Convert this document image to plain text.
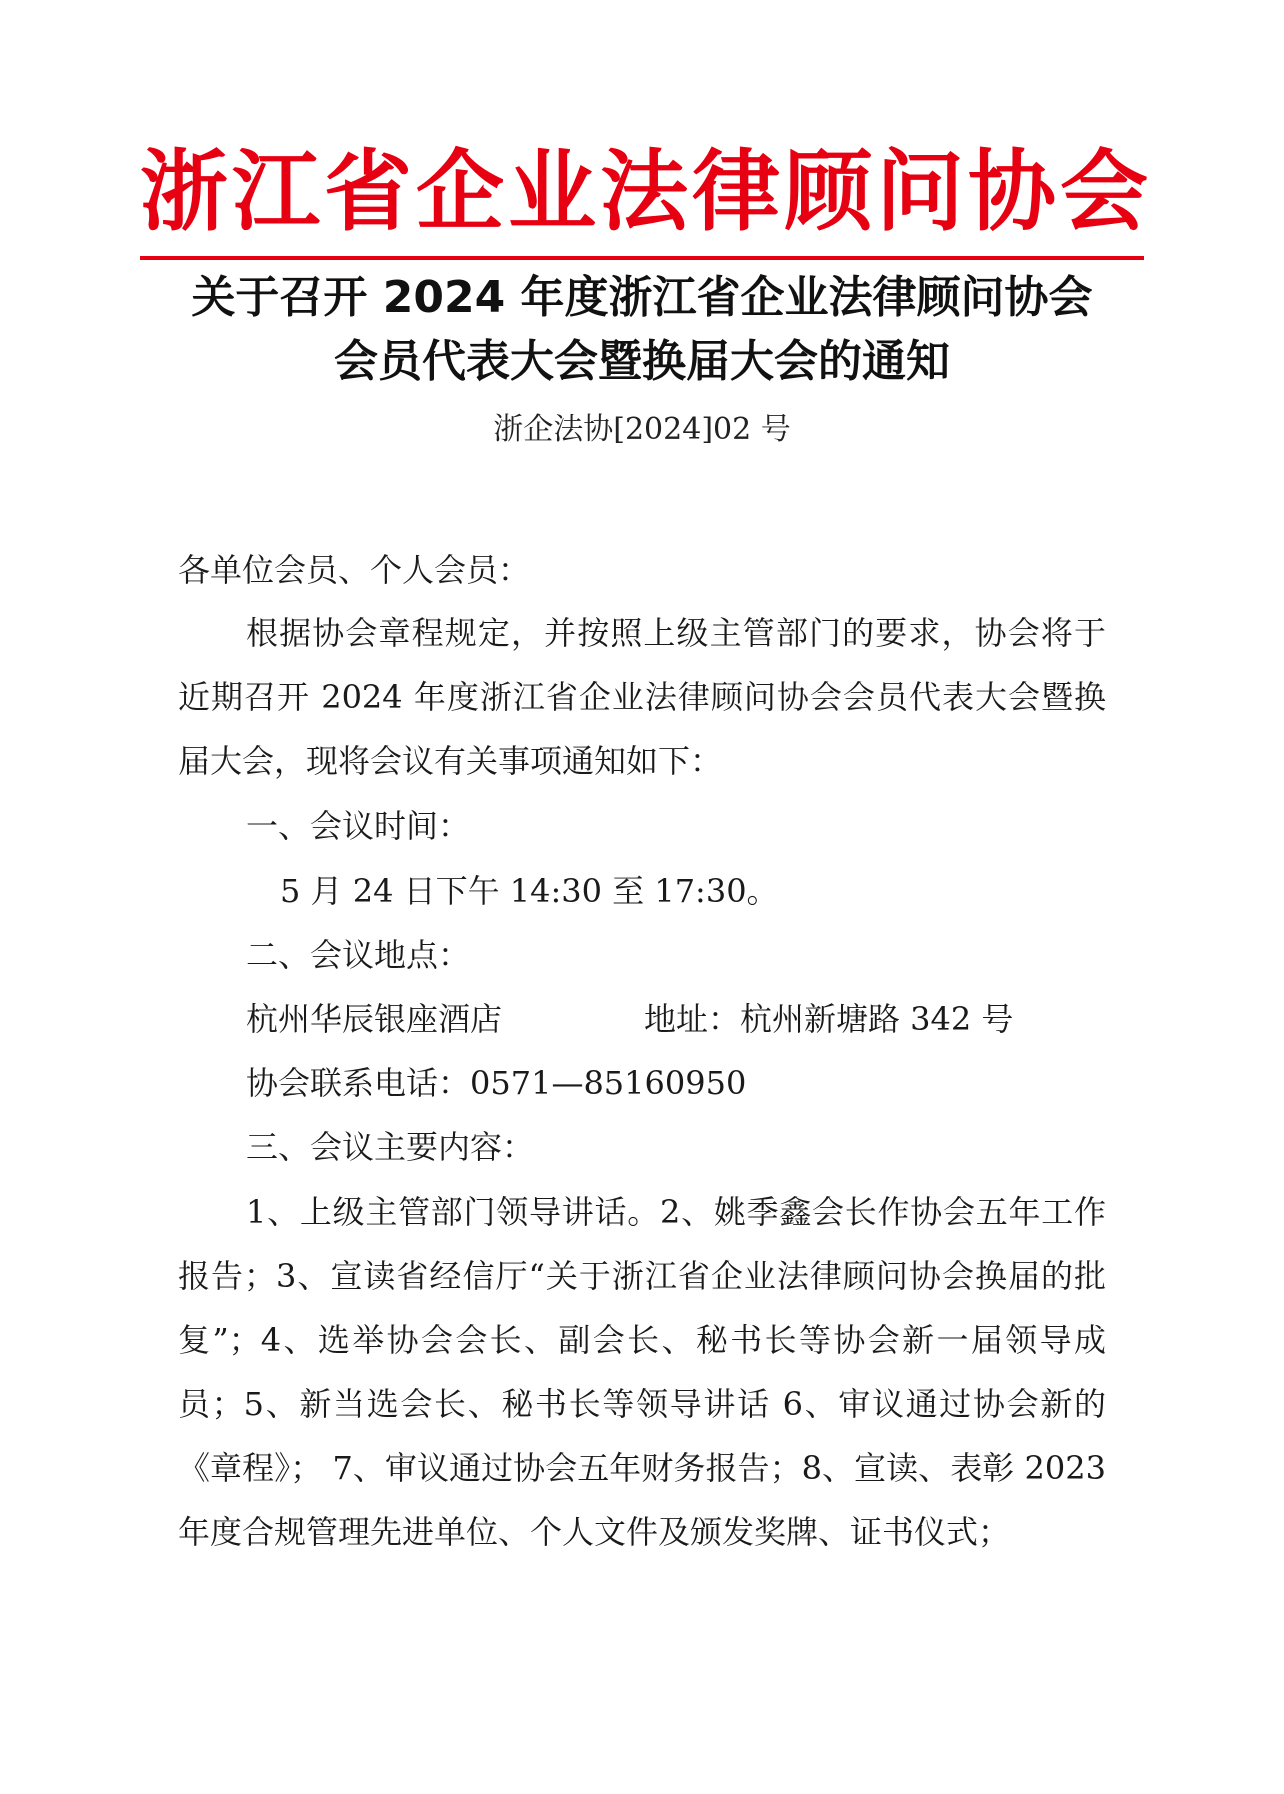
浙江省企业法律顾问协会
关于召开 2024 年度浙江省企业法律顾问协会
会员代表大会暨换届大会的通知
浙企法协[2024]02 号
各单位会员、个人会员：
根据协会章程规定，并按照上级主管部门的要求，协会将于近期召开 2024 年度浙江省企业法律顾问协会会员代表大会暨换届大会，现将会议有关事项通知如下：
一、会议时间：
5 月 24 日下午 14:30 至 17:30。
二、会议地点：
杭州华辰银座酒店	地址：杭州新塘路 342 号
协会联系电话：0571—85160950
三、会议主要内容：
1、上级主管部门领导讲话。2、姚季鑫会长作协会五年工作报告；3、宣读省经信厅“关于浙江省企业法律顾问协会换届的批复”；4、选举协会会长、副会长、秘书长等协会新一届领导成员；5、新当选会长、秘书长等领导讲话 6、审议通过协会新的《章程》； 7、审议通过协会五年财务报告；8、宣读、表彰 2023 年度合规管理先进单位、个人文件及颁发奖牌、证书仪式；
